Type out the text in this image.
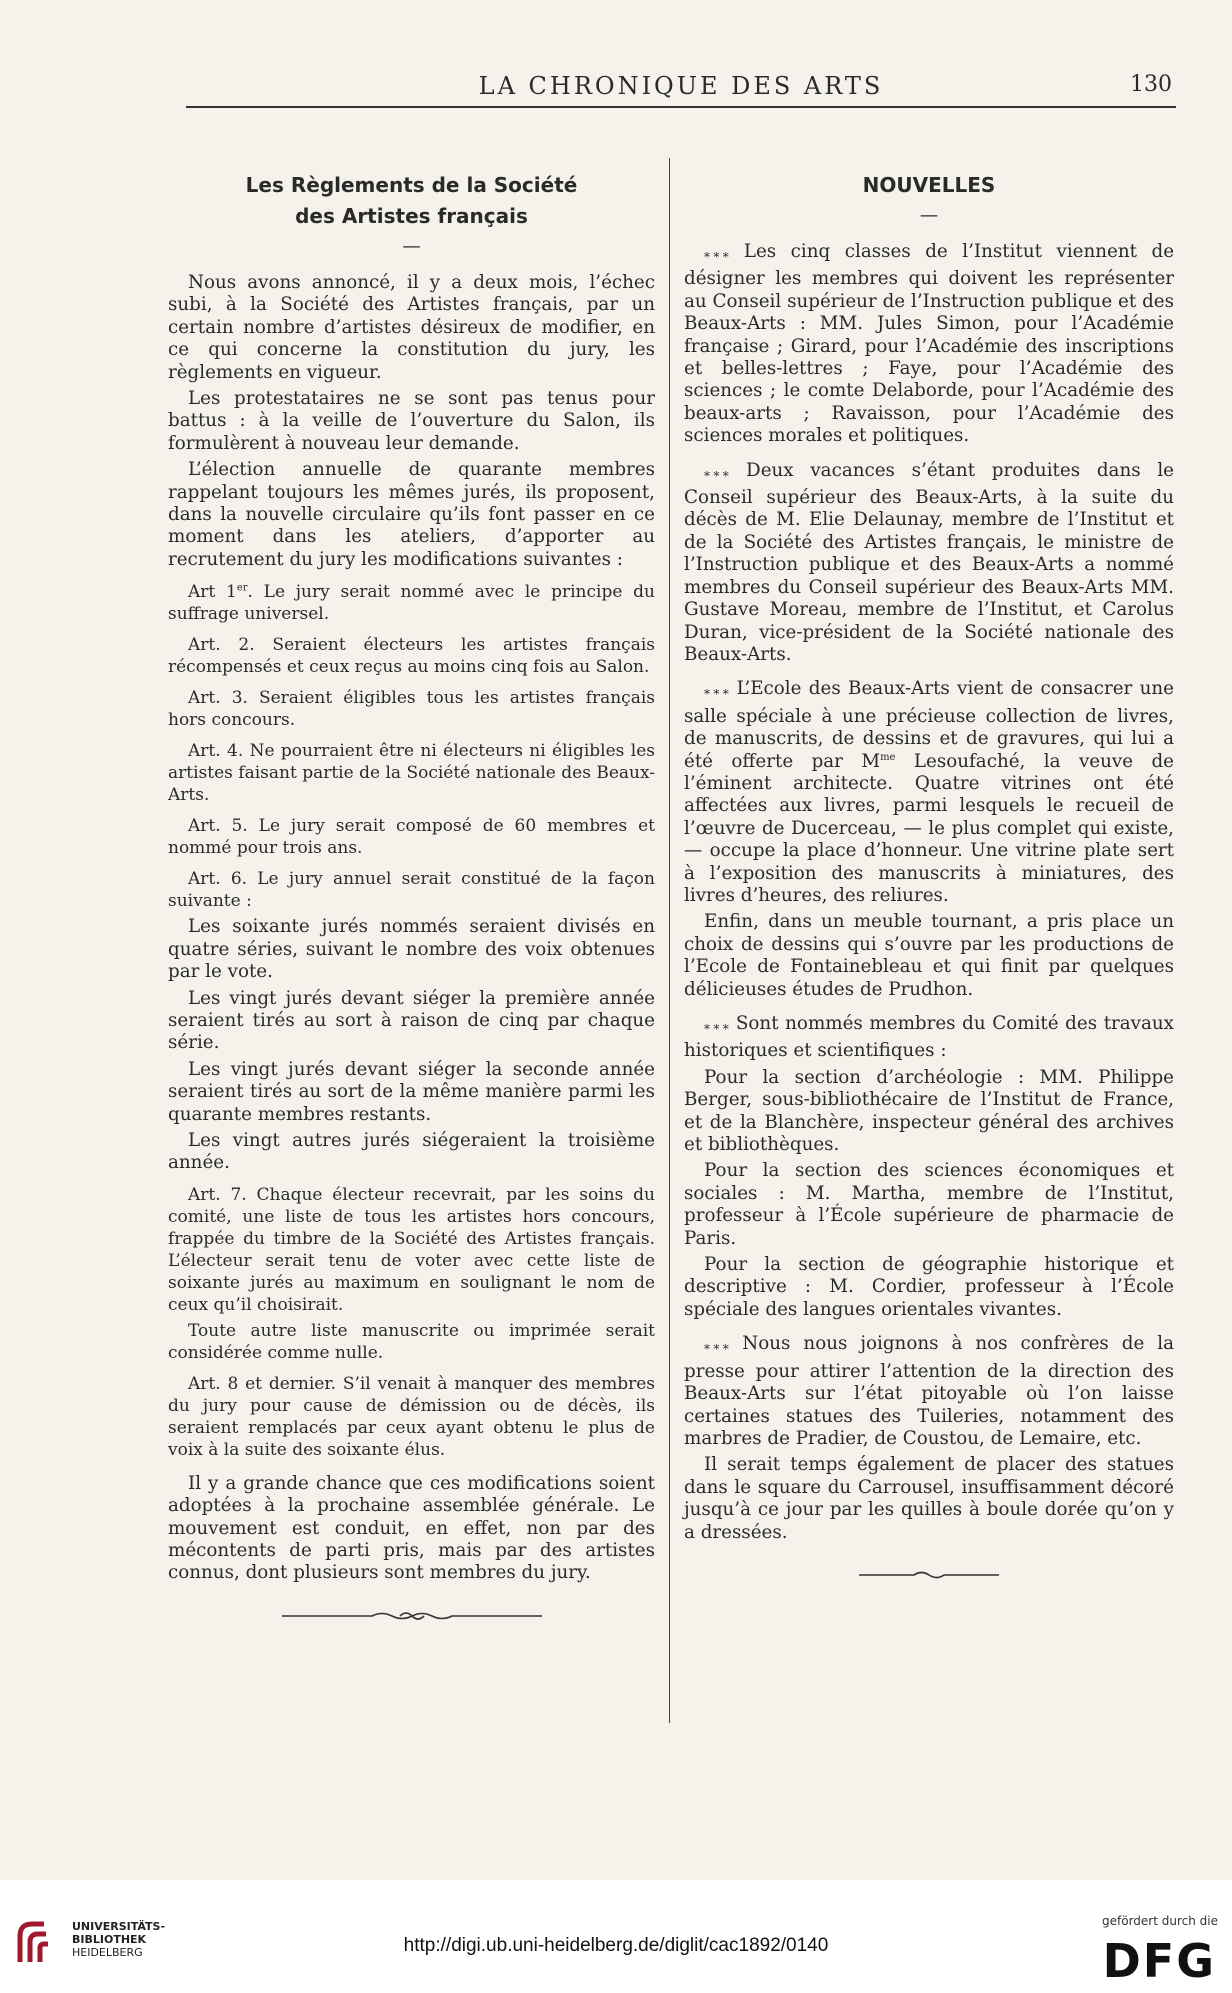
LA CHRONIQUE DES ARTS	130
Les Règlements de la Société
des Artistes français
—

Nous avons annoncé, il y a deux mois, l’échec subi, à la Société des Artistes français, par un certain nombre d’artistes désireux de modifier, en ce qui concerne la constitution du jury, les règlements en vigueur.

Les protestataires ne se sont pas tenus pour battus : à la veille de l’ouverture du Salon, ils formulèrent à nouveau leur demande.

L’élection annuelle de quarante membres rappelant toujours les mêmes jurés, ils proposent, dans la nouvelle circulaire qu’ils font passer en ce moment dans les ateliers, d’apporter au recrutement du jury les modifications suivantes :

Art 1er. Le jury serait nommé avec le principe du suffrage universel.

Art. 2. Seraient électeurs les artistes français récompensés et ceux reçus au moins cinq fois au Salon.

Art. 3. Seraient éligibles tous les artistes français hors concours.

Art. 4. Ne pourraient être ni électeurs ni éligibles les artistes faisant partie de la Société nationale des Beaux-Arts.

Art. 5. Le jury serait composé de 60 membres et nommé pour trois ans.

Art. 6. Le jury annuel serait constitué de la façon suivante :

Les soixante jurés nommés seraient divisés en quatre séries, suivant le nombre des voix obtenues par le vote.

Les vingt jurés devant siéger la première année seraient tirés au sort à raison de cinq par chaque série.

Les vingt jurés devant siéger la seconde année seraient tirés au sort de la même manière parmi les quarante membres restants.

Les vingt autres jurés siégeraient la troisième année.

Art. 7. Chaque électeur recevrait, par les soins du comité, une liste de tous les artistes hors concours, frappée du timbre de la Société des Artistes français. L’électeur serait tenu de voter avec cette liste de soixante jurés au maximum en soulignant le nom de ceux qu’il choisirait.

Toute autre liste manuscrite ou imprimée serait considérée comme nulle.

Art. 8 et dernier. S’il venait à manquer des membres du jury pour cause de démission ou de décès, ils seraient remplacés par ceux ayant obtenu le plus de voix à la suite des soixante élus.

Il y a grande chance que ces modifications soient adoptées à la prochaine assemblée générale. Le mouvement est conduit, en effet, non par des mécontents de parti pris, mais par des artistes connus, dont plusieurs sont membres du jury.

NOUVELLES
—

$_{* * *}$ Les cinq classes de l’Institut viennent de désigner les membres qui doivent les représenter au Conseil supérieur de l’Instruction publique et des Beaux-Arts : MM. Jules Simon, pour l’Académie française ; Girard, pour l’Académie des inscriptions et belles-lettres ; Faye, pour l’Académie des sciences ; le comte Delaborde, pour l’Académie des beaux-arts ; Ravaisson, pour l’Académie des sciences morales et politiques.

$_{* * *}$ Deux vacances s’étant produites dans le Conseil supérieur des Beaux-Arts, à la suite du décès de M. Elie Delaunay, membre de l’Institut et de la Société des Artistes français, le ministre de l’Instruction publique et des Beaux-Arts a nommé membres du Conseil supérieur des Beaux-Arts MM. Gustave Moreau, membre de l’Institut, et Carolus Duran, vice-président de la Société nationale des Beaux-Arts.

$_{* * *}$ L’Ecole des Beaux-Arts vient de consacrer une salle spéciale à une précieuse collection de livres, de manuscrits, de dessins et de gravures, qui lui a été offerte par $M^{me}$ Lesoufaché, la veuve de l’éminent architecte. Quatre vitrines ont été affectées aux livres, parmi lesquels le recueil de l’œuvre de Ducerceau, — le plus complet qui existe, — occupe la place d’honneur. Une vitrine plate sert à l’exposition des manuscrits à miniatures, des livres d’heures, des reliures.

Enfin, dans un meuble tournant, a pris place un choix de dessins qui s’ouvre par les productions de l’Ecole de Fontainebleau et qui finit par quelques délicieuses études de Prudhon.

$_{* * *}$ Sont nommés membres du Comité des travaux historiques et scientifiques :

Pour la section d’archéologie : MM. Philippe Berger, sous-bibliothécaire de l’Institut de France, et de la Blanchère, inspecteur général des archives et bibliothèques.

Pour la section des sciences économiques et sociales : M. Martha, membre de l’Institut, professeur à l’École supérieure de pharmacie de Paris.

Pour la section de géographie historique et descriptive : M. Cordier, professeur à l’École spéciale des langues orientales vivantes.

$_{* * *}$ Nous nous joignons à nos confrères de la presse pour attirer l’attention de la direction des Beaux-Arts sur l’état pitoyable où l’on laisse certaines statues des Tuileries, notamment des marbres de Pradier, de Coustou, de Lemaire, etc.

Il serait temps également de placer des statues dans le square du Carrousel, insuffisamment décoré jusqu’à ce jour par les quilles à boule dorée qu’on y a dressées.

UNIVERSITÄTS-
BIBLIOTHEK
HEIDELBERG	http://digi.ub.uni-heidelberg.de/diglit/cac1892/0140
gefördert durch die
DFG
